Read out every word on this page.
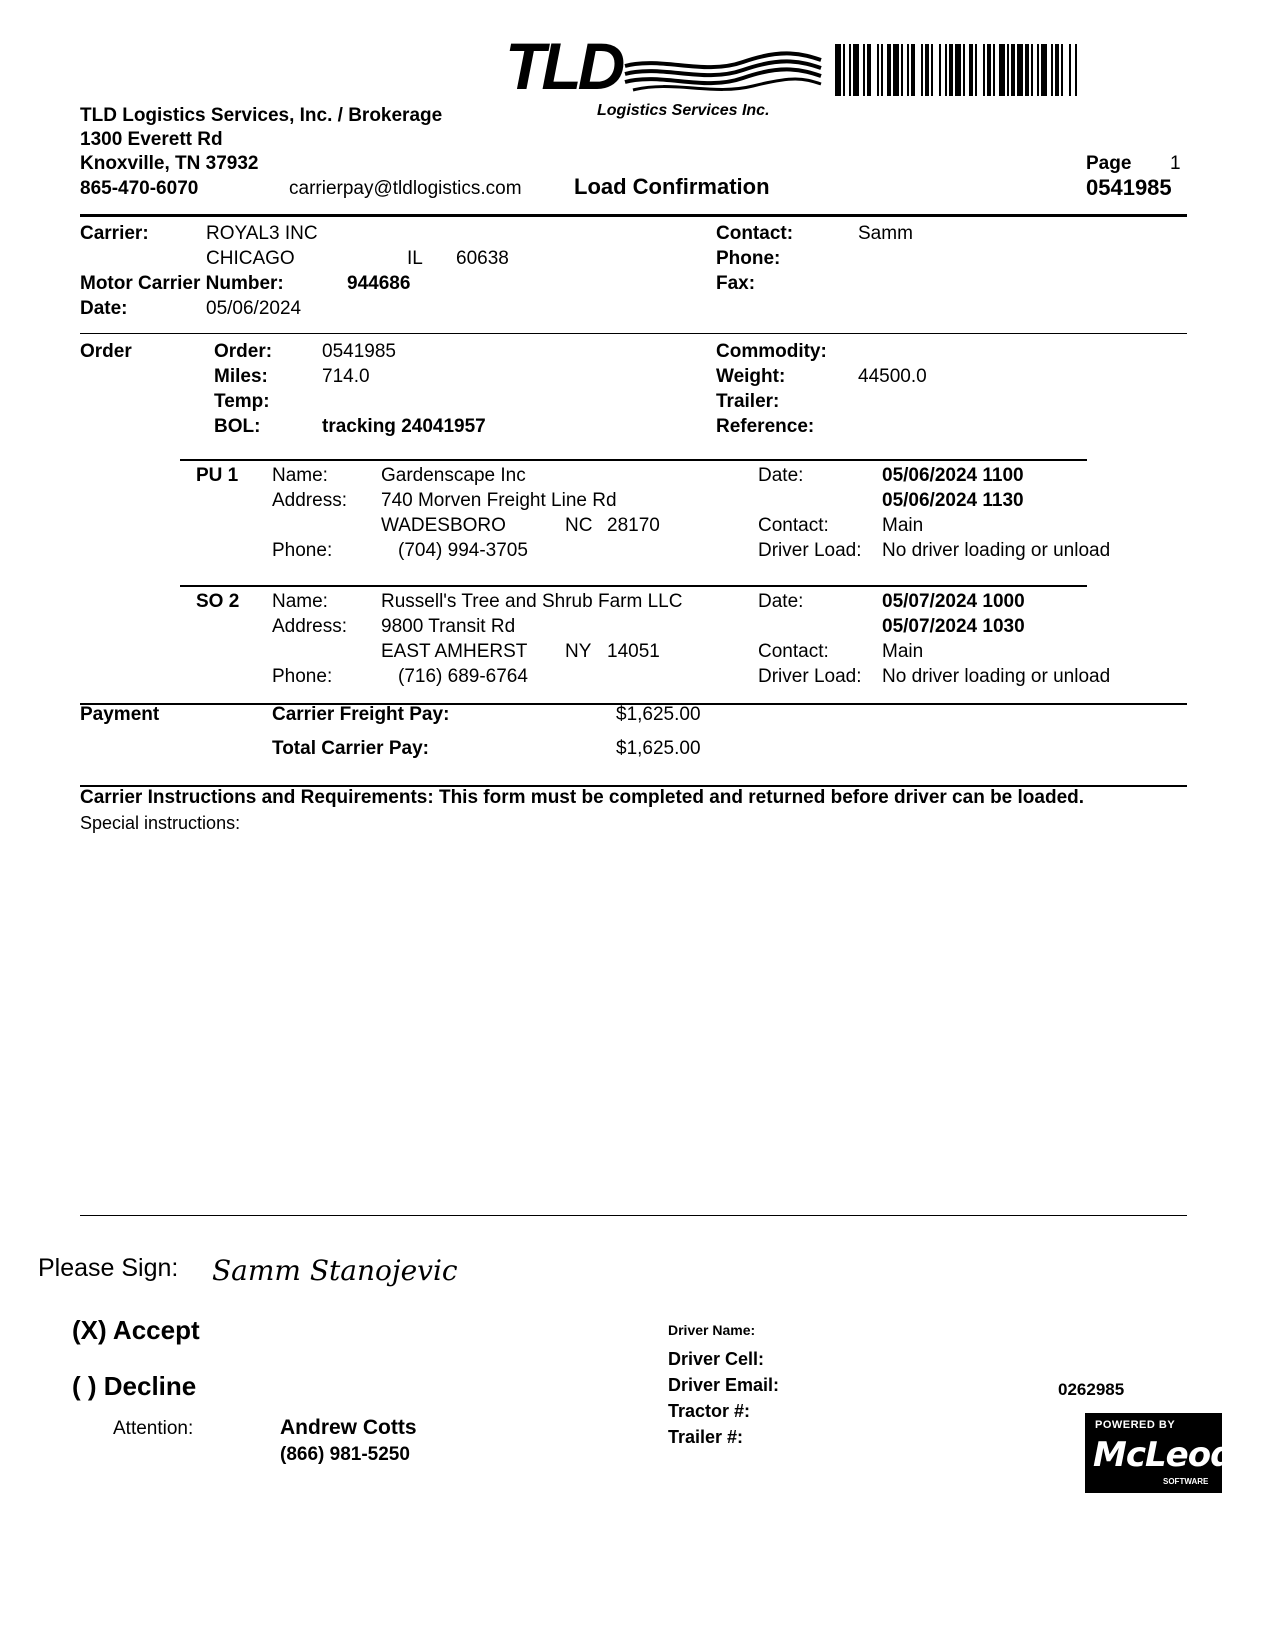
TLD
Logistics Services Inc.
TLD Logistics Services, Inc. / Brokerage
1300 Everett Rd
Knoxville, TN 37932
865-470-6070	carrierpay@tldlogistics.com Load Confirmation
Page 1
0541985
Carrier:	ROYAL3 INC
CHICAGO	IL 60638
Motor Carrier Number:	944686
Date:	05/06/2024
Contact:	Samm
Phone:
Fax:
Order	Order:	0541985
Miles:	714.0
Temp:
BOL:	tracking 24041957
Commodity:
Weight:	44500.0
Trailer:
Reference:
PU 1 Name:	Gardenscape Inc
Address: 740 Morven Freight Line Rd
WADESBORO	NC 28170
Phone:	(704) 994-3705
Date:	05/06/2024 1100
05/06/2024 1130
Contact:	Main
Driver Load: No driver loading or unload
SO 2 Name:	Russell's Tree and Shrub Farm LLC
Address: 9800 Transit Rd
EAST AMHERST NY 14051
Phone:	(716) 689-6764
Date:	05/07/2024 1000
05/07/2024 1030
Contact:	Main
Driver Load: No driver loading or unload
Payment	Carrier Freight Pay:	$1,625.00
Total Carrier Pay:	$1,625.00
Carrier Instructions and Requirements: This form must be completed and returned before driver can be loaded.
Special instructions:
Please Sign: Samm Stanojevic
(X) Accept
( ) Decline
Attention:	Andrew Cotts
(866) 981-5250
Driver Name:
Driver Cell:
Driver Email:
Tractor #:
Trailer #:
0262985
POWERED BY
McLeod
SOFTWARE
